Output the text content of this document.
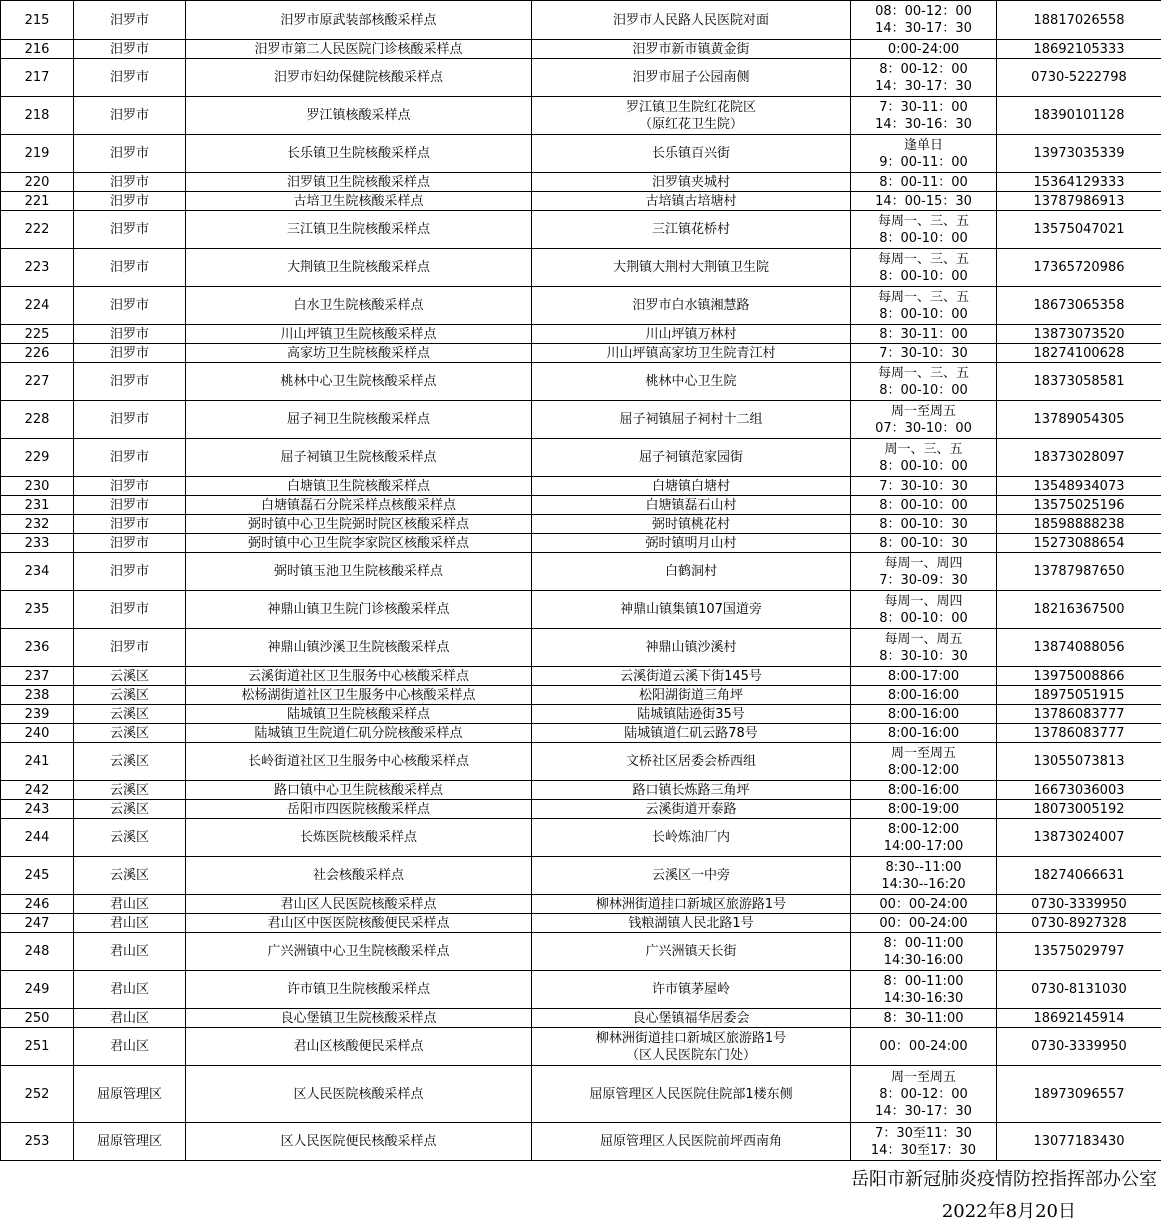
215	汨罗市	汨罗市原武装部核酸采样点	汨罗市人民路人民医院对面	08：00-12：00
14：30-17：30	18817026558
216	汨罗市	汨罗市第二人民医院门诊核酸采样点	汨罗市新市镇黄金街	0:00-24:00	18692105333
217	汨罗市	汨罗市妇幼保健院核酸采样点	汨罗市屈子公园南侧	8：00-12：00
14：30-17：30	0730-5222798
218	汨罗市	罗江镇核酸采样点	罗江镇卫生院红花院区
（原红花卫生院）	7：30-11：00
14：30-16：30	18390101128
219	汨罗市	长乐镇卫生院核酸采样点	长乐镇百兴街	逢单日
9：00-11：00	13973035339
220	汨罗市	汨罗镇卫生院核酸采样点	汨罗镇夹城村	8：00-11：00	15364129333
221	汨罗市	古培卫生院核酸采样点	古培镇古培塘村	14：00-15：30	13787986913
222	汨罗市	三江镇卫生院核酸采样点	三江镇花桥村	每周一、三、五
8：00-10：00	13575047021
223	汨罗市	大荆镇卫生院核酸采样点	大荆镇大荆村大荆镇卫生院	每周一、三、五
8：00-10：00	17365720986
224	汨罗市	白水卫生院核酸采样点	汨罗市白水镇湘慧路	每周一、三、五
8：00-10：00	18673065358
225	汨罗市	川山坪镇卫生院核酸采样点	川山坪镇万林村	8：30-11：00	13873073520
226	汨罗市	高家坊卫生院核酸采样点	川山坪镇高家坊卫生院青江村	7：30-10：30	18274100628
227	汨罗市	桃林中心卫生院核酸采样点	桃林中心卫生院	每周一、三、五
8：00-10：00	18373058581
228	汨罗市	屈子祠卫生院核酸采样点	屈子祠镇屈子祠村十二组	周一至周五
07：30-10：00	13789054305
229	汨罗市	屈子祠镇卫生院核酸采样点	屈子祠镇范家园街	周一、三、五
8：00-10：00	18373028097
230	汨罗市	白塘镇卫生院核酸采样点	白塘镇白塘村	7：30-10：30	13548934073
231	汨罗市	白塘镇磊石分院采样点核酸采样点	白塘镇磊石山村	8：00-10：00	13575025196
232	汨罗市	弼时镇中心卫生院弼时院区核酸采样点	弼时镇桃花村	8：00-10：30	18598888238
233	汨罗市	弼时镇中心卫生院李家院区核酸采样点	弼时镇明月山村	8：00-10：30	15273088654
234	汨罗市	弼时镇玉池卫生院核酸采样点	白鹤洞村	每周一、周四
7：30-09：30	13787987650
235	汨罗市	神鼎山镇卫生院门诊核酸采样点	神鼎山镇集镇107国道旁	每周一、周四
8：00-10：00	18216367500
236	汨罗市	神鼎山镇沙溪卫生院核酸采样点	神鼎山镇沙溪村	每周一、周五
8：30-10：30	13874088056
237	云溪区	云溪街道社区卫生服务中心核酸采样点	云溪街道云溪下街145号	8:00-17:00	13975008866
238	云溪区	松杨湖街道社区卫生服务中心核酸采样点	松阳湖街道三角坪	8:00-16:00	18975051915
239	云溪区	陆城镇卫生院核酸采样点	陆城镇陆逊街35号	8:00-16:00	13786083777
240	云溪区	陆城镇卫生院道仁矶分院核酸采样点	陆城镇道仁矶云路78号	8:00-16:00	13786083777
241	云溪区	长岭街道社区卫生服务中心核酸采样点	文桥社区居委会桥西组	周一至周五
8:00-12:00	13055073813
242	云溪区	路口镇中心卫生院核酸采样点	路口镇长炼路三角坪	8:00-16:00	16673036003
243	云溪区	岳阳市四医院核酸采样点	云溪街道开泰路	8:00-19:00	18073005192
244	云溪区	长炼医院核酸采样点	长岭炼油厂内	8:00-12:00
14:00-17:00	13873024007
245	云溪区	社会核酸采样点	云溪区一中旁	8:30--11:00
14:30--16:20	18274066631
246	君山区	君山区人民医院核酸采样点	柳林洲街道挂口新城区旅游路1号	00：00-24:00	0730-3339950
247	君山区	君山区中医医院核酸便民采样点	钱粮湖镇人民北路1号	00：00-24:00	0730-8927328
248	君山区	广兴洲镇中心卫生院核酸采样点	广兴洲镇天长街	8：00-11:00
14:30-16:00	13575029797
249	君山区	许市镇卫生院核酸采样点	许市镇茅屋岭	8：00-11:00
14:30-16:30	0730-8131030
250	君山区	良心堡镇卫生院核酸采样点	良心堡镇福华居委会	8：30-11:00	18692145914
251	君山区	君山区核酸便民采样点	柳林洲街道挂口新城区旅游路1号
（区人民医院东门处）	00：00-24:00	0730-3339950
252	屈原管理区	区人民医院核酸采样点	屈原管理区人民医院住院部1楼东侧	周一至周五
8：00-12：00
14：30-17：30	18973096557
253	屈原管理区	区人民医院便民核酸采样点	屈原管理区人民医院前坪西南角	7：30至11：30
14：30至17：30	13077183430
岳阳市新冠肺炎疫情防控指挥部办公室
2022年8月20日
